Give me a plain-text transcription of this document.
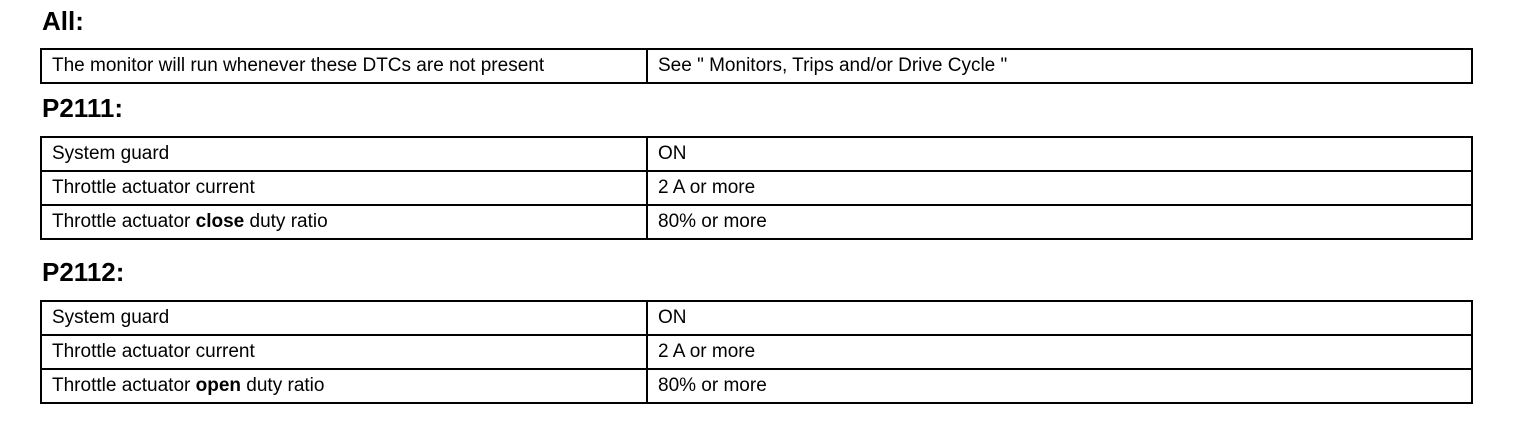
All:
The monitor will run whenever these DTCs are not present	See " Monitors, Trips and/or Drive Cycle "
P2111:
System guard	ON
Throttle actuator current	2 A or more
Throttle actuator close duty ratio	80% or more
P2112:
System guard	ON
Throttle actuator current	2 A or more
Throttle actuator open duty ratio	80% or more
